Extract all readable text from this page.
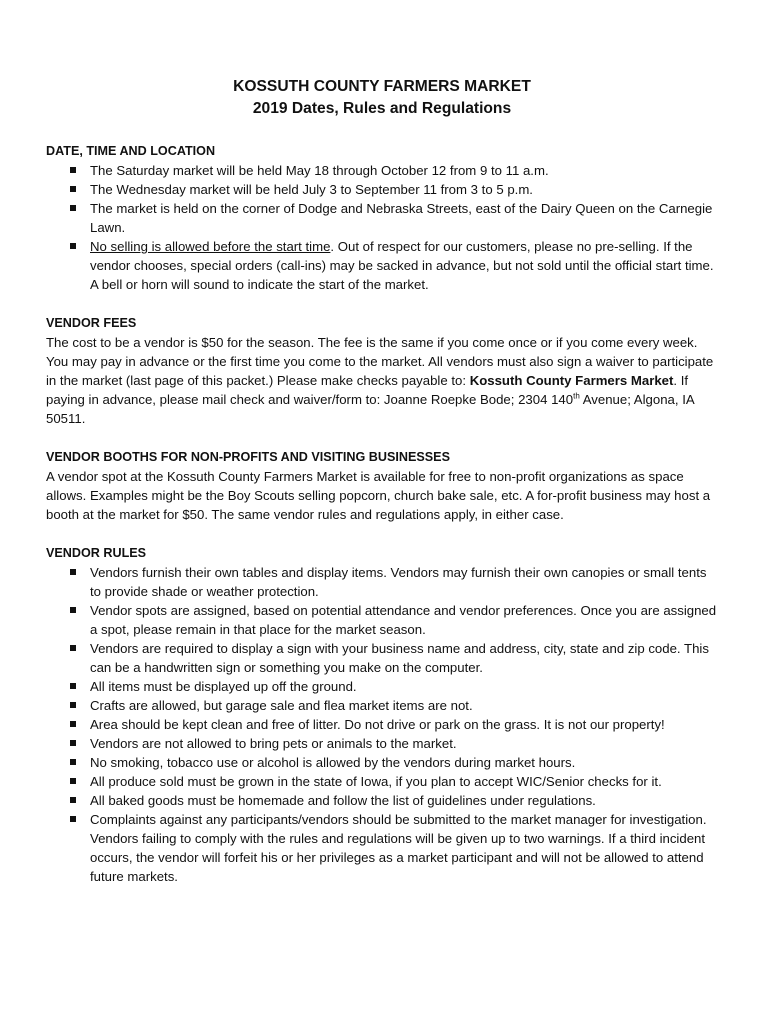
KOSSUTH COUNTY FARMERS MARKET
2019 Dates, Rules and Regulations
DATE, TIME AND LOCATION
The Saturday market will be held May 18 through October 12 from 9 to 11 a.m.
The Wednesday market will be held July 3 to September 11 from 3 to 5 p.m.
The market is held on the corner of Dodge and Nebraska Streets, east of the Dairy Queen on the Carnegie Lawn.
No selling is allowed before the start time. Out of respect for our customers, please no pre-selling. If the vendor chooses, special orders (call-ins) may be sacked in advance, but not sold until the official start time. A bell or horn will sound to indicate the start of the market.
VENDOR FEES

The cost to be a vendor is $50 for the season. The fee is the same if you come once or if you come every week. You may pay in advance or the first time you come to the market. All vendors must also sign a waiver to participate in the market (last page of this packet.) Please make checks payable to: Kossuth County Farmers Market. If paying in advance, please mail check and waiver/form to: Joanne Roepke Bode; 2304 140th Avenue; Algona, IA 50511.

VENDOR BOOTHS FOR NON-PROFITS AND VISITING BUSINESSES

A vendor spot at the Kossuth County Farmers Market is available for free to non-profit organizations as space allows. Examples might be the Boy Scouts selling popcorn, church bake sale, etc. A for-profit business may host a booth at the market for $50. The same vendor rules and regulations apply, in either case.

VENDOR RULES
Vendors furnish their own tables and display items. Vendors may furnish their own canopies or small tents to provide shade or weather protection.
Vendor spots are assigned, based on potential attendance and vendor preferences. Once you are assigned a spot, please remain in that place for the market season.
Vendors are required to display a sign with your business name and address, city, state and zip code. This can be a handwritten sign or something you make on the computer.
All items must be displayed up off the ground.
Crafts are allowed, but garage sale and flea market items are not.
Area should be kept clean and free of litter. Do not drive or park on the grass. It is not our property!
Vendors are not allowed to bring pets or animals to the market.
No smoking, tobacco use or alcohol is allowed by the vendors during market hours.
All produce sold must be grown in the state of Iowa, if you plan to accept WIC/Senior checks for it.
All baked goods must be homemade and follow the list of guidelines under regulations.
Complaints against any participants/vendors should be submitted to the market manager for investigation. Vendors failing to comply with the rules and regulations will be given up to two warnings. If a third incident occurs, the vendor will forfeit his or her privileges as a market participant and will not be allowed to attend future markets.
